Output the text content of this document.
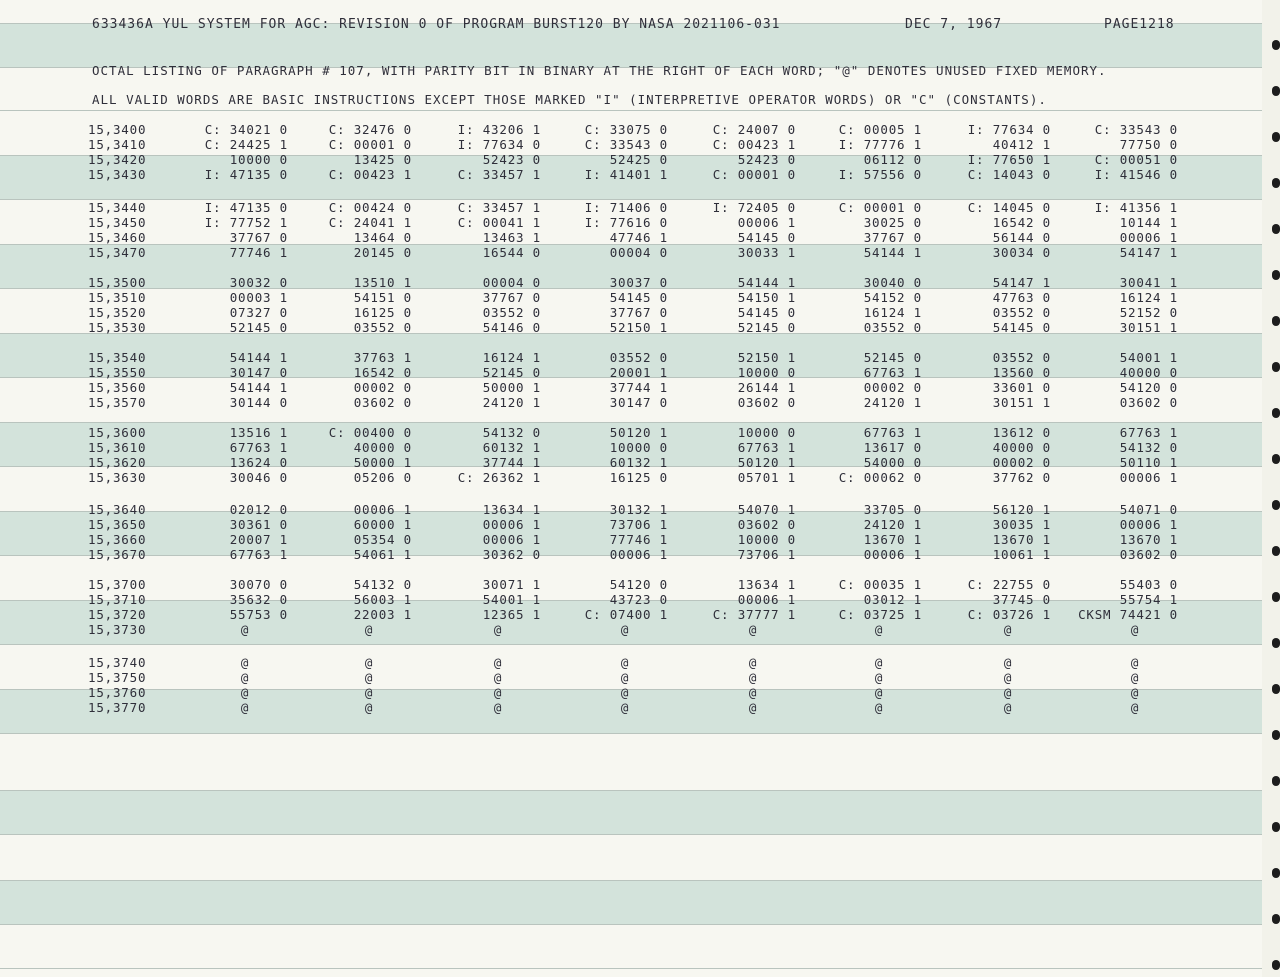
633436A YUL SYSTEM FOR AGC: REVISION 0 OF PROGRAM BURST120 BY NASA 2021106-031	DEC 7, 1967	PAGE1218
OCTAL LISTING OF PARAGRAPH # 107, WITH PARITY BIT IN BINARY AT THE RIGHT OF EACH WORD; "@" DENOTES UNUSED FIXED MEMORY.
ALL VALID WORDS ARE BASIC INSTRUCTIONS EXCEPT THOSE MARKED "I" (INTERPRETIVE OPERATOR WORDS) OR "C" (CONSTANTS).
15,3400	C: 34021 0	C: 32476 0	I: 43206 1	C: 33075 0	C: 24007 0	C: 00005 1	I: 77634 0	C: 33543 0
15,3410	C: 24425 1	C: 00001 0	I: 77634 0	C: 33543 0	C: 00423 1	I: 77776 1	40412 1	77750 0
15,3420	10000 0	13425 0	52423 0	52425 0	52423 0	06112 0	I: 77650 1	C: 00051 0
15,3430	I: 47135 0	C: 00423 1	C: 33457 1	I: 41401 1	C: 00001 0	I: 57556 0	C: 14043 0	I: 41546 0
15,3440	I: 47135 0	C: 00424 0	C: 33457 1	I: 71406 0	I: 72405 0	C: 00001 0	C: 14045 0	I: 41356 1
15,3450	I: 77752 1	C: 24041 1	C: 00041 1	I: 77616 0	00006 1	30025 0	16542 0	10144 1
15,3460	37767 0	13464 0	13463 1	47746 1	54145 0	37767 0	56144 0	00006 1
15,3470	77746 1	20145 0	16544 0	00004 0	30033 1	54144 1	30034 0	54147 1
15,3500	30032 0	13510 1	00004 0	30037 0	54144 1	30040 0	54147 1	30041 1
15,3510	00003 1	54151 0	37767 0	54145 0	54150 1	54152 0	47763 0	16124 1
15,3520	07327 0	16125 0	03552 0	37767 0	54145 0	16124 1	03552 0	52152 0
15,3530	52145 0	03552 0	54146 0	52150 1	52145 0	03552 0	54145 0	30151 1
15,3540	54144 1	37763 1	16124 1	03552 0	52150 1	52145 0	03552 0	54001 1
15,3550	30147 0	16542 0	52145 0	20001 1	10000 0	67763 1	13560 0	40000 0
15,3560	54144 1	00002 0	50000 1	37744 1	26144 1	00002 0	33601 0	54120 0
15,3570	30144 0	03602 0	24120 1	30147 0	03602 0	24120 1	30151 1	03602 0
15,3600	13516 1	C: 00400 0	54132 0	50120 1	10000 0	67763 1	13612 0	67763 1
15,3610	67763 1	40000 0	60132 1	10000 0	67763 1	13617 0	40000 0	54132 0
15,3620	13624 0	50000 1	37744 1	60132 1	50120 1	54000 0	00002 0	50110 1
15,3630	30046 0	05206 0	C: 26362 1	16125 0	05701 1	C: 00062 0	37762 0	00006 1
15,3640	02012 0	00006 1	13634 1	30132 1	54070 1	33705 0	56120 1	54071 0
15,3650	30361 0	60000 1	00006 1	73706 1	03602 0	24120 1	30035 1	00006 1
15,3660	20007 1	05354 0	00006 1	77746 1	10000 0	13670 1	13670 1	13670 1
15,3670	67763 1	54061 1	30362 0	00006 1	73706 1	00006 1	10061 1	03602 0
15,3700	30070 0	54132 0	30071 1	54120 0	13634 1	C: 00035 1	C: 22755 0	55403 0
15,3710	35632 0	56003 1	54001 1	43723 0	00006 1	03012 1	37745 0	55754 1
15,3720	55753 0	22003 1	12365 1	C: 07400 1	C: 37777 1	C: 03725 1	C: 03726 1	CKSM 74421 0
15,3730	@	@	@	@	@	@	@	@
15,3740	@	@	@	@	@	@	@	@
15,3750	@	@	@	@	@	@	@	@
15,3760	@	@	@	@	@	@	@	@
15,3770	@	@	@	@	@	@	@	@
